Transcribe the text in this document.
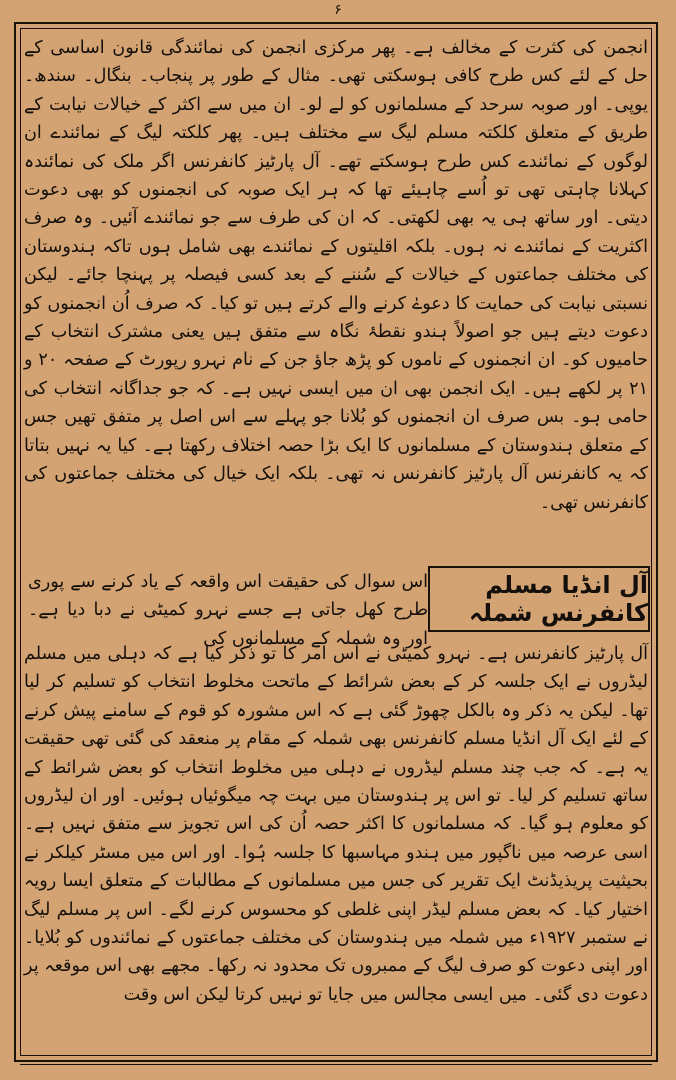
۶
انجمن کی کثرت کے مخالف ہے۔ پھر مرکزی انجمن کی نمائندگی قانون اساسی کے حل کے لئے کس طرح کافی ہوسکتی تھی۔ مثال کے طور پر پنجاب۔ بنگال۔ سندھ۔ یوپی۔ اور صوبہ سرحد کے مسلمانوں کو لے لو۔ ان میں سے اکثر کے خیالات نیابت کے طریق کے متعلق کلکتہ مسلم لیگ سے مختلف ہیں۔ پھر کلکتہ لیگ کے نمائندے ان لوگوں کے نمائندے کس طرح ہوسکتے تھے۔ آل پارٹیز کانفرنس اگر ملک کی نمائندہ کہلانا چاہتی تھی تو اُسے چاہیئے تھا کہ ہر ایک صوبہ کی انجمنوں کو بھی دعوت دیتی۔ اور ساتھ ہی یہ بھی لکھتی۔ کہ ان کی طرف سے جو نمائندے آئیں۔ وہ صرف اکثریت کے نمائندے نہ ہوں۔ بلکہ اقلیتوں کے نمائندے بھی شامل ہوں تاکہ ہندوستان کی مختلف جماعتوں کے خیالات کے سُننے کے بعد کسی فیصلہ پر پہنچا جائے۔ لیکن نسبتی نیابت کی حمایت کا دعوےٰ کرنے والے کرتے ہیں تو کیا۔ کہ صرف اُن انجمنوں کو دعوت دیتے ہیں جو اصولاً ہندو نقطۂ نگاہ سے متفق ہیں یعنی مشترک انتخاب کے حامیوں کو۔ ان انجمنوں کے ناموں کو پڑھ جاؤ جن کے نام نہرو رپورٹ کے صفحہ ۲۰ و ۲۱ پر لکھے ہیں۔ ایک انجمن بھی ان میں ایسی نہیں ہے۔ کہ جو جداگانہ انتخاب کی حامی ہو۔ بس صرف ان انجمنوں کو بُلانا جو پہلے سے اس اصل پر متفق تھیں جس کے متعلق ہندوستان کے مسلمانوں کا ایک بڑا حصہ اختلاف رکھتا ہے۔ کیا یہ نہیں بتاتا کہ یہ کانفرنس آل پارٹیز کانفرنس نہ تھی۔ بلکہ ایک خیال کی مختلف جماعتوں کی کانفرنس تھی۔
آل انڈیا مسلم کانفرنس شملہ
اس سوال کی حقیقت اس واقعہ کے یاد کرنے سے پوری طرح کھل جاتی ہے جسے نہرو کمیٹی نے دبا دیا ہے۔ اور وہ شملہ کے مسلمانوں کی
آل پارٹیز کانفرنس ہے۔ نہرو کمیٹی نے اس امر کا تو ذکر کیا ہے کہ دہلی میں مسلم لیڈروں نے ایک جلسہ کر کے بعض شرائط کے ماتحت مخلوط انتخاب کو تسلیم کر لیا تھا۔ لیکن یہ ذکر وہ بالکل چھوڑ گئی ہے کہ اس مشورہ کو قوم کے سامنے پیش کرنے کے لئے ایک آل انڈیا مسلم کانفرنس بھی شملہ کے مقام پر منعقد کی گئی تھی حقیقت یہ ہے۔ کہ جب چند مسلم لیڈروں نے دہلی میں مخلوط انتخاب کو بعض شرائط کے ساتھ تسلیم کر لیا۔ تو اس پر ہندوستان میں بہت چہ میگوئیاں ہوئیں۔ اور ان لیڈروں کو معلوم ہو گیا۔ کہ مسلمانوں کا اکثر حصہ اُن کی اس تجویز سے متفق نہیں ہے۔ اسی عرصہ میں ناگپور میں ہندو مہاسبھا کا جلسہ ہُوا۔ اور اس میں مسٹر کیلکر نے بحیثیت پریذیڈنٹ ایک تقریر کی جس میں مسلمانوں کے مطالبات کے متعلق ایسا رویہ اختیار کیا۔ کہ بعض مسلم لیڈر اپنی غلطی کو محسوس کرنے لگے۔ اس پر مسلم لیگ نے ستمبر ۱۹۲۷ء میں شملہ میں ہندوستان کی مختلف جماعتوں کے نمائندوں کو بُلایا۔ اور اپنی دعوت کو صرف لیگ کے ممبروں تک محدود نہ رکھا۔ مجھے بھی اس موقعہ پر دعوت دی گئی۔ میں ایسی مجالس میں جایا تو نہیں کرتا لیکن اس وقت
